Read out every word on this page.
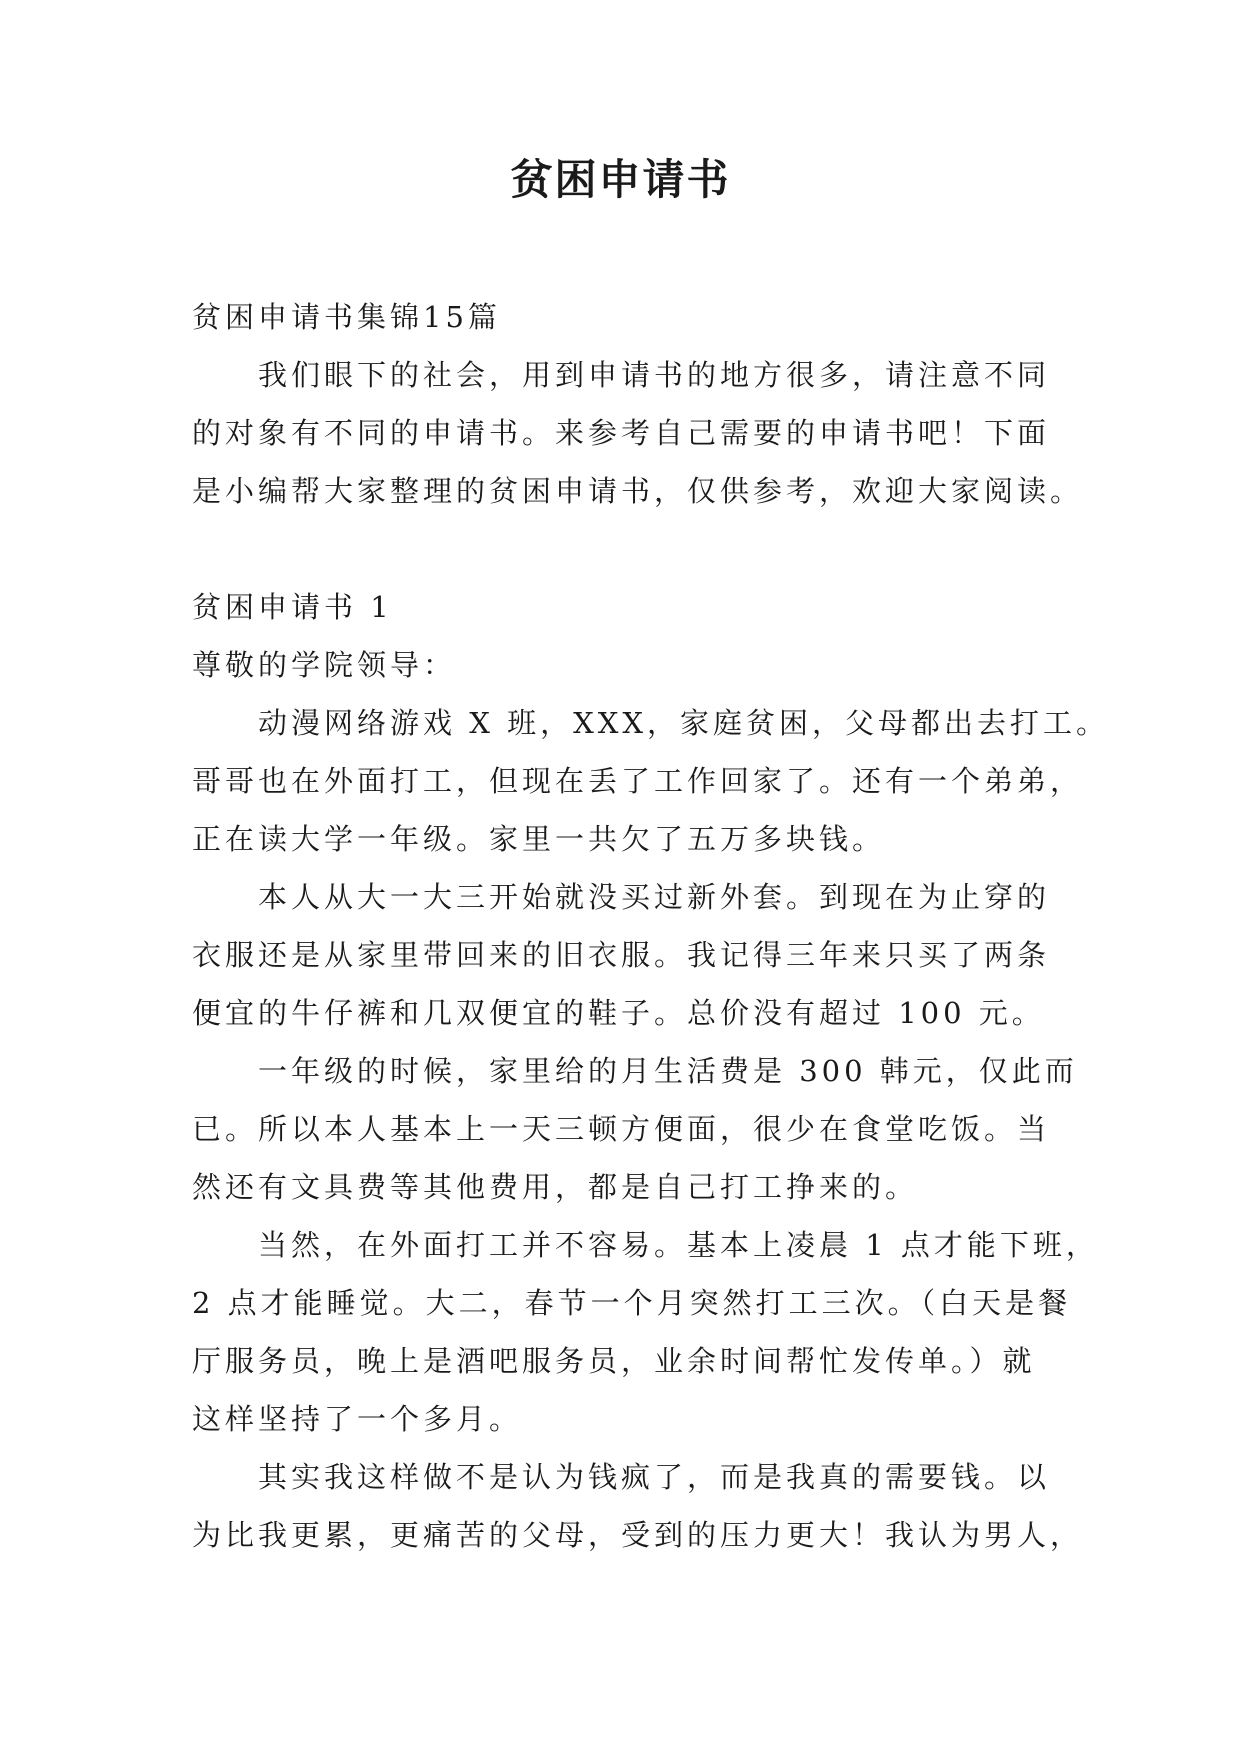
贫困申请书

贫困申请书集锦15篇

我们眼下的社会，用到申请书的地方很多，请注意不同

的对象有不同的申请书。来参考自己需要的申请书吧！下面

是小编帮大家整理的贫困申请书，仅供参考，欢迎大家阅读。

贫困申请书 1

尊敬的学院领导：

动漫网络游戏 X 班，XXX，家庭贫困，父母都出去打工。

哥哥也在外面打工，但现在丢了工作回家了。还有一个弟弟，

正在读大学一年级。家里一共欠了五万多块钱。

本人从大一大三开始就没买过新外套。到现在为止穿的

衣服还是从家里带回来的旧衣服。我记得三年来只买了两条

便宜的牛仔裤和几双便宜的鞋子。总价没有超过 100 元。

一年级的时候，家里给的月生活费是 300 韩元，仅此而

已。所以本人基本上一天三顿方便面，很少在食堂吃饭。当

然还有文具费等其他费用，都是自己打工挣来的。

当然，在外面打工并不容易。基本上凌晨 1 点才能下班，

2 点才能睡觉。大二，春节一个月突然打工三次。（白天是餐

厅服务员，晚上是酒吧服务员，业余时间帮忙发传单。）就

这样坚持了一个多月。

其实我这样做不是认为钱疯了，而是我真的需要钱。以

为比我更累，更痛苦的父母，受到的压力更大！我认为男人，
